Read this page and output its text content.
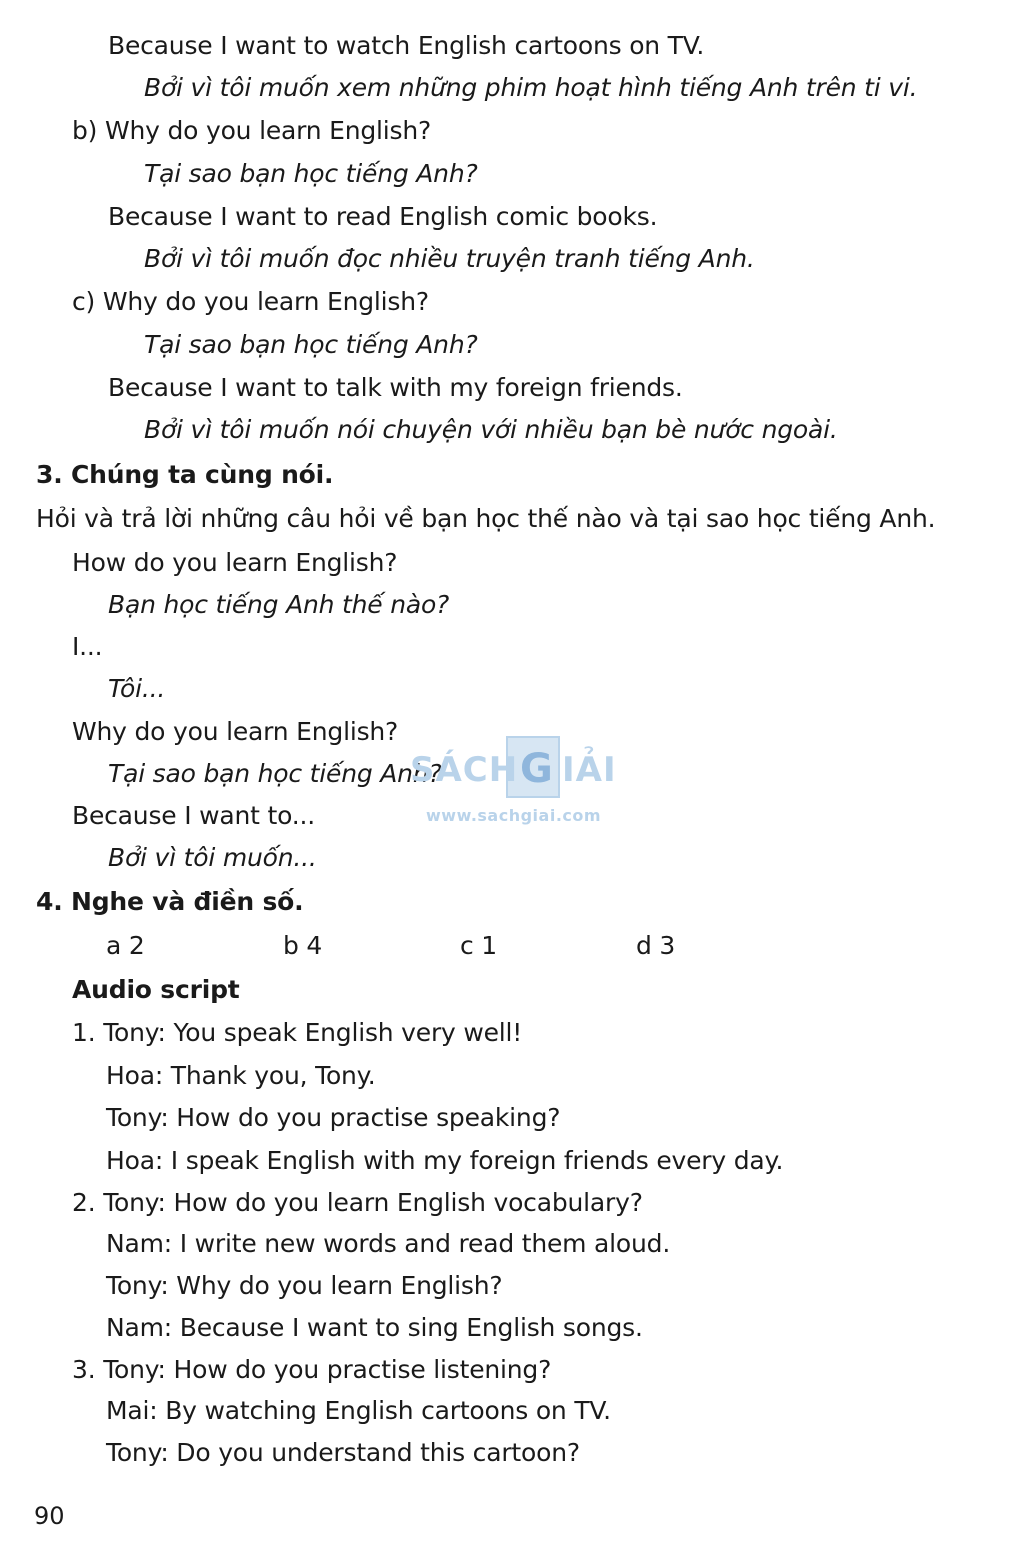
Because I want to watch English cartoons on TV.
Bởi vì tôi muốn xem những phim hoạt hình tiếng Anh trên ti vi.
b) Why do you learn English?
Tại sao bạn học tiếng Anh?
Because I want to read English comic books.
Bởi vì tôi muốn đọc nhiều truyện tranh tiếng Anh.
c) Why do you learn English?
Tại sao bạn học tiếng Anh?
Because I want to talk with my foreign friends.
Bởi vì tôi muốn nói chuyện với nhiều bạn bè nước ngoài.
3. Chúng ta cùng nói.
Hỏi và trả lời những câu hỏi về bạn học thế nào và tại sao học tiếng Anh.
How do you learn English?
Bạn học tiếng Anh thế nào?
I...
Tôi...
Why do you learn English?
Tại sao bạn học tiếng Anh?
Because I want to...
Bởi vì tôi muốn...
4. Nghe và điền số.
a 2	b 4	c 1	d 3
Audio script
1. Tony: You speak English very well!
Hoa: Thank you, Tony.
Tony: How do you practise speaking?
Hoa: I speak English with my foreign friends every day.
2. Tony: How do you learn English vocabulary?
Nam: I write new words and read them aloud.
Tony: Why do you learn English?
Nam: Because I want to sing English songs.
3. Tony: How do you practise listening?
Mai: By watching English cartoons on TV.
Tony: Do you understand this cartoon?
SÁCH G IẢI
www.sachgiai.com
90
